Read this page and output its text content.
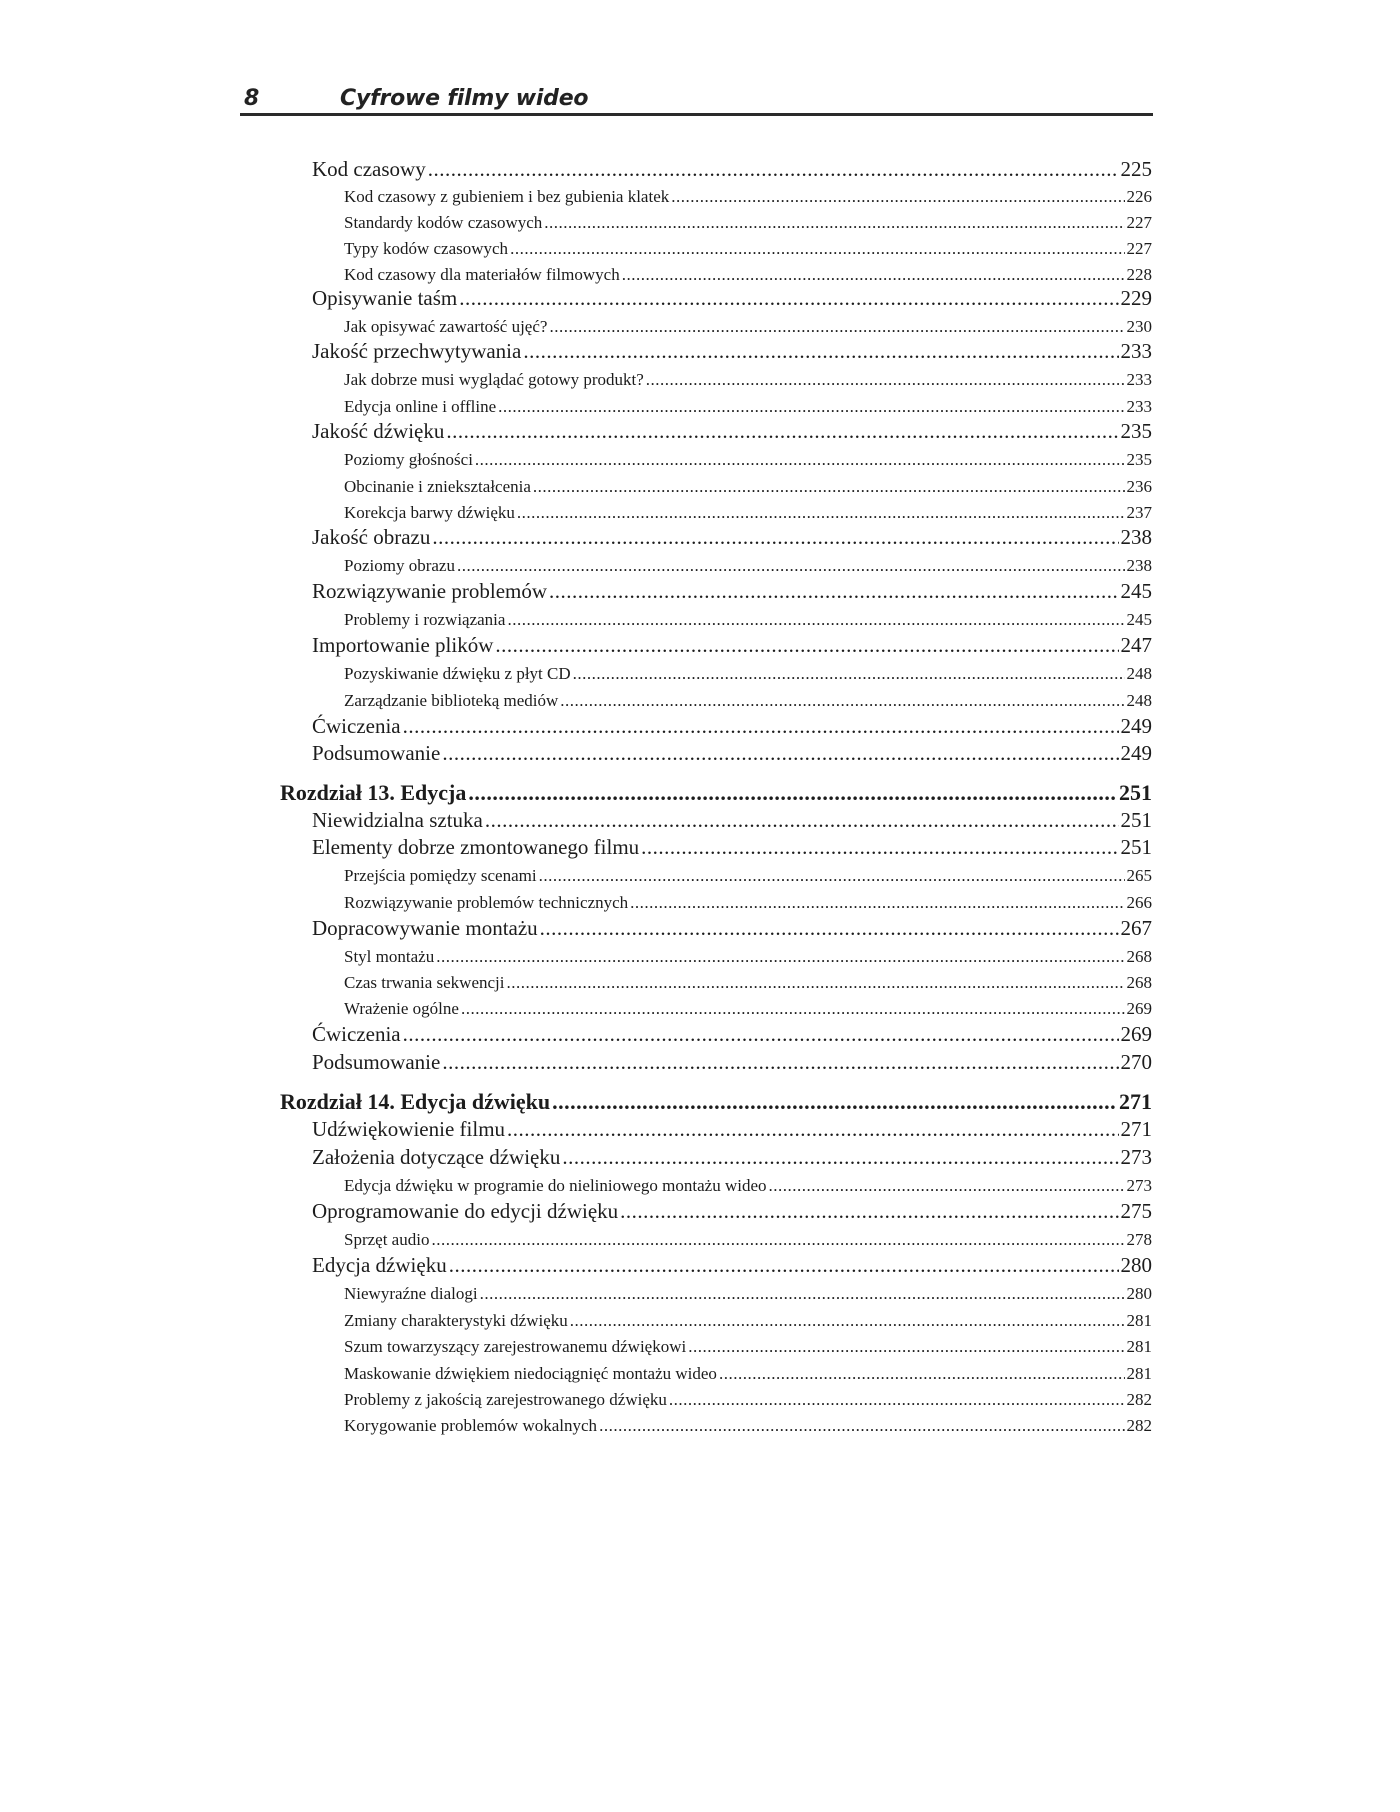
8	Cyfrowe filmy wideo
Kod czasowy .....	225
Kod czasowy z gubieniem i bez gubienia klatek .....	226
Standardy kodów czasowych .....	227
Typy kodów czasowych .....	227
Kod czasowy dla materiałów filmowych .....	228
Opisywanie taśm .....	229
Jak opisywać zawartość ujęć? .....	230
Jakość przechwytywania .....	233
Jak dobrze musi wyglądać gotowy produkt? .....	233
Edycja online i offline .....	233
Jakość dźwięku .....	235
Poziomy głośności .....	235
Obcinanie i zniekształcenia .....	236
Korekcja barwy dźwięku .....	237
Jakość obrazu .....	238
Poziomy obrazu .....	238
Rozwiązywanie problemów .....	245
Problemy i rozwiązania .....	245
Importowanie plików .....	247
Pozyskiwanie dźwięku z płyt CD .....	248
Zarządzanie biblioteką mediów .....	248
Ćwiczenia .....	249
Podsumowanie .....	249
Rozdział 13. Edycja .....	251
Niewidzialna sztuka .....	251
Elementy dobrze zmontowanego filmu .....	251
Przejścia pomiędzy scenami .....	265
Rozwiązywanie problemów technicznych .....	266
Dopracowywanie montażu .....	267
Styl montażu .....	268
Czas trwania sekwencji .....	268
Wrażenie ogólne .....	269
Ćwiczenia .....	269
Podsumowanie .....	270
Rozdział 14. Edycja dźwięku .....	271
Udźwiękowienie filmu .....	271
Założenia dotyczące dźwięku .....	273
Edycja dźwięku w programie do nieliniowego montażu wideo .....	273
Oprogramowanie do edycji dźwięku .....	275
Sprzęt audio .....	278
Edycja dźwięku .....	280
Niewyraźne dialogi .....	280
Zmiany charakterystyki dźwięku .....	281
Szum towarzyszący zarejestrowanemu dźwiękowi .....	281
Maskowanie dźwiękiem niedociągnięć montażu wideo .....	281
Problemy z jakością zarejestrowanego dźwięku .....	282
Korygowanie problemów wokalnych .....	282
